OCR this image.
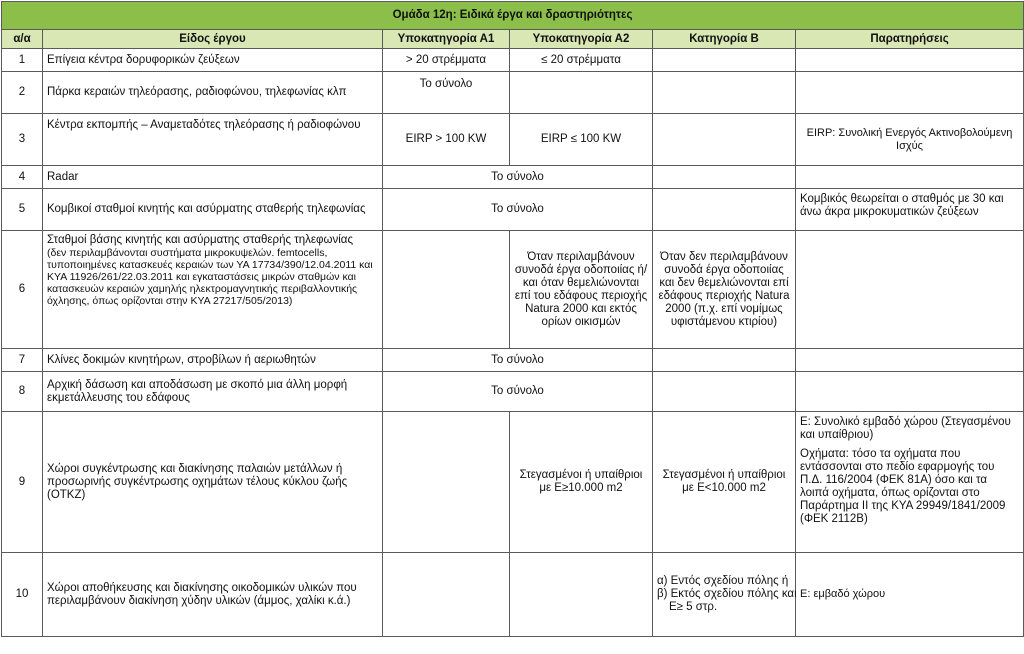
Ομάδα 12η: Ειδικά έργα και δραστηριότητες					
α/α	Είδος έργου	Υποκατηγορία Α1	Υποκατηγορία Α2	Κατηγορία Β	Παρατηρήσεις
1	Επίγεια κέντρα δορυφορικών ζεύξεων	> 20 στρέμματα	≤ 20 στρέμματα		
2	Πάρκα κεραιών τηλεόρασης, ραδιοφώνου, τηλεφωνίας κλπ	Το σύνολο			
3	Κέντρα εκπομπής – Αναμεταδότες τηλεόρασης ή ραδιοφώνου	EIRP > 100 KW	EIRP ≤ 100 KW		EIRP: Συνολική Ενεργός Ακτινοβολούμενη Ισχύς
4	Radar	Το σύνολο			
5	Κομβικοί σταθμοί κινητής και ασύρματης σταθερής τηλεφωνίας	Το σύνολο			Κομβικός θεωρείται ο σταθμός με 30 και άνω άκρα μικροκυματικών ζεύξεων
6	Σταθμοί βάσης κινητής και ασύρματης σταθερής τηλεφωνίας
(δεν περιλαμβάνονται συστήματα μικροκυψελών. femtocells, τυποποιημένες κατασκευές κεραιών των ΥΑ 17734/390/12.04.2011 και ΚΥΑ 11926/261/22.03.2011 και εγκαταστάσεις μικρών σταθμών και κατασκευών κεραιών χαμηλής ηλεκτρομαγνητικής περιβαλλοντικής όχλησης, όπως ορίζονται στην ΚΥΑ 27217/505/2013)		Όταν περιλαμβάνουν συνοδά έργα οδοποιίας ή/και όταν θεμελιώνονται επί του εδάφους περιοχής Natura 2000 και εκτός ορίων οικισμών	Όταν δεν περιλαμβάνουν συνοδά έργα οδοποιίας και δεν θεμελιώνονται επί εδάφους περιοχής Natura 2000 (π.χ. επί νομίμως υφιστάμενου κτιρίου)	
7	Κλίνες δοκιμών κινητήρων, στροβίλων ή αεριωθητών	Το σύνολο			
8	Αρχική δάσωση και αποδάσωση με σκοπό μια άλλη μορφή εκμετάλλευσης του εδάφους	Το σύνολο			
9	Χώροι συγκέντρωσης και διακίνησης παλαιών μετάλλων ή προσωρινής συγκέντρωσης οχημάτων τέλους κύκλου ζωής (ΟΤΚΖ)		Στεγασμένοι ή υπαίθριοι με Ε≥10.000 m2	Στεγασμένοι ή υπαίθριοι με Ε<10.000 m2	Ε: Συνολικό εμβαδό χώρου (Στεγασμένου και υπαίθριου)
Οχήματα: τόσο τα οχήματα που εντάσσονται στο πεδίο εφαρμογής του Π.Δ. 116/2004 (ΦΕΚ 81Α) όσο και τα λοιπά οχήματα, όπως ορίζονται στο Παράρτημα ΙΙ της ΚΥΑ 29949/1841/2009 (ΦΕΚ 2112Β)

10	Χώροι αποθήκευσης και διακίνησης οικοδομικών υλικών που περιλαμβάνουν διακίνηση χύδην υλικών (άμμος, χαλίκι κ.ά.)			α) Εντός σχεδίου πόλης ή
β) Εκτός σχεδίου πόλης και
Ε≥ 5 στρ.	Ε: εμβαδό χώρου
